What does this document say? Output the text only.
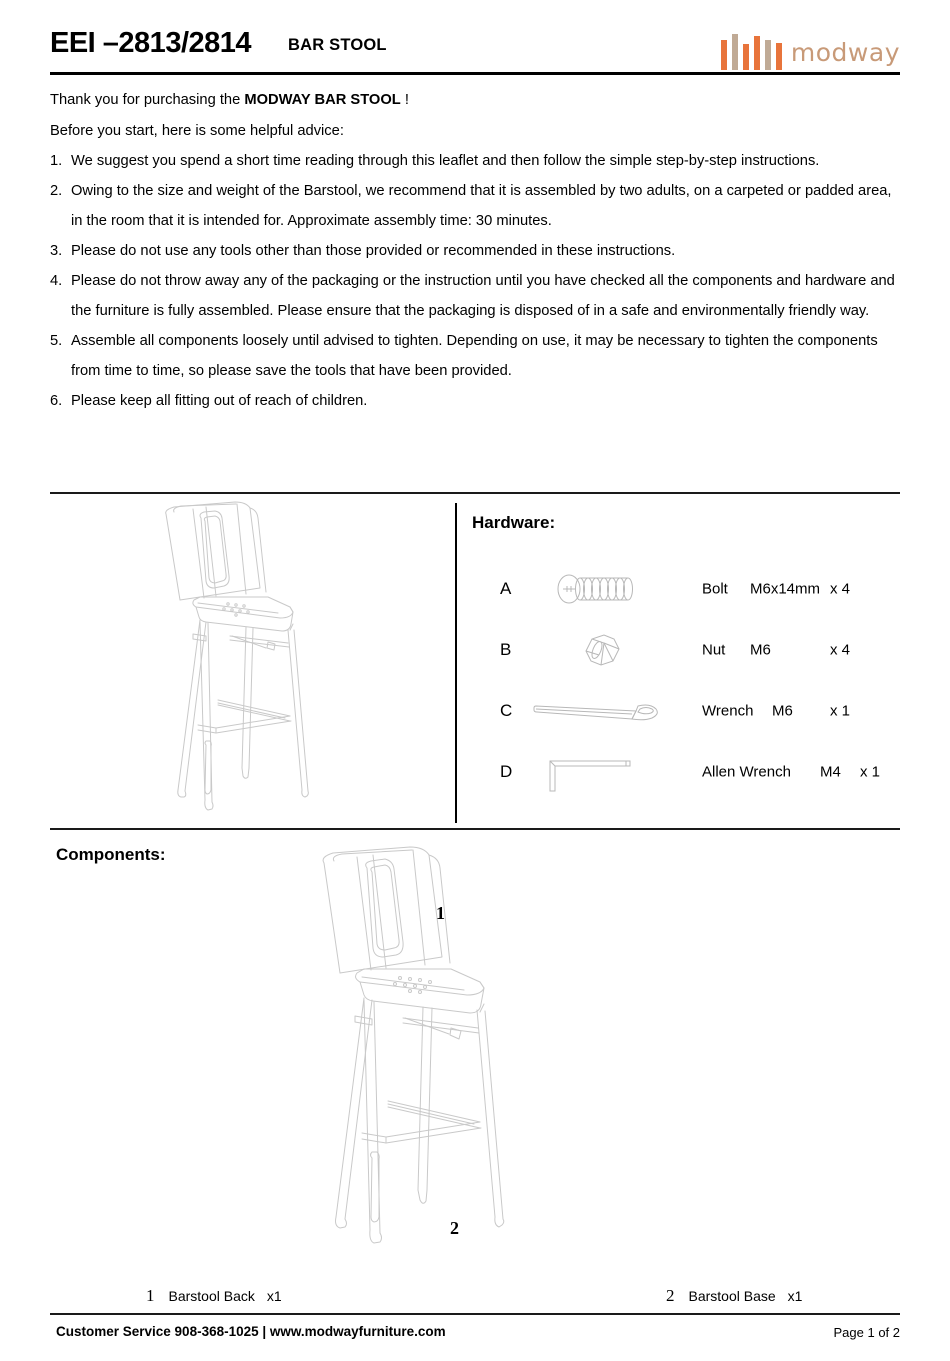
EEI –2813/2814 BAR STOOL	modway

Thank you for purchasing the MODWAY BAR STOOL !

Before you start, here is some helpful advice:

1. We suggest you spend a short time reading through this leaflet and then follow the simple step-by-step instructions.
2. Owing to the size and weight of the Barstool, we recommend that it is assembled by two adults, on a carpeted or padded area, in the room that it is intended for. Approximate assembly time: 30 minutes.
3. Please do not use any tools other than those provided or recommended in these instructions.
4. Please do not throw away any of the packaging or the instruction until you have checked all the components and hardware and the furniture is fully assembled. Please ensure that the packaging is disposed of in a safe and environmentally friendly way.
5. Assemble all components loosely until advised to tighten. Depending on use, it may be necessary to tighten the components from time to time, so please save the tools that have been provided.
6. Please keep all fitting out of reach of children.
Hardware:
A	Bolt M6x14mm x 4
B	Nut M6	x 4
C	Wrench M6 x 1
D	Allen Wrench M4 x 1
Components:
1
2
1 Barstool Back x1	2 Barstool Base x1
Customer Service 908-368-1025 | www.modwayfurniture.com	Page 1 of 2
